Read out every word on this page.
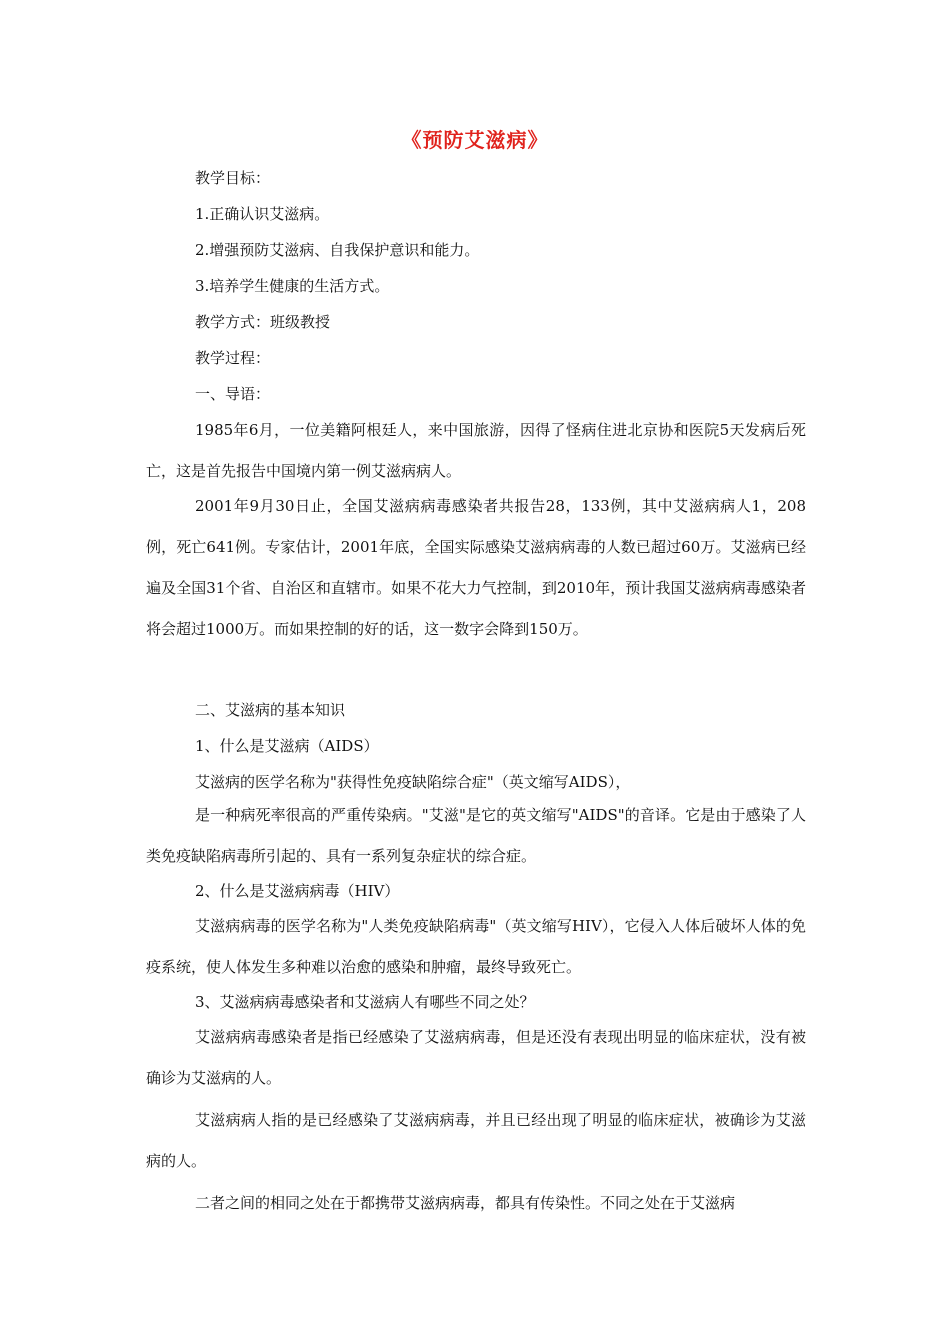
《预防艾滋病》
教学目标：
1.正确认识艾滋病。
2.增强预防艾滋病、自我保护意识和能力。
3.培养学生健康的生活方式。
教学方式：班级教授
教学过程：
一、导语：
1985年6月，一位美籍阿根廷人，来中国旅游，因得了怪病住进北京协和医院5天发病后死亡，这是首先报告中国境内第一例艾滋病病人。
2001年9月30日止，全国艾滋病病毒感染者共报告28，133例，其中艾滋病病人1，208例，死亡641例。专家估计，2001年底，全国实际感染艾滋病病毒的人数已超过60万。艾滋病已经遍及全国31个省、自治区和直辖市。如果不花大力气控制，到2010年，预计我国艾滋病病毒感染者将会超过1000万。而如果控制的好的话，这一数字会降到150万。
二、艾滋病的基本知识
1、什么是艾滋病（AIDS）
艾滋病的医学名称为"获得性免疫缺陷综合症"（英文缩写AIDS），
是一种病死率很高的严重传染病。"艾滋"是它的英文缩写"AIDS"的音译。它是由于感染了人类免疫缺陷病毒所引起的、具有一系列复杂症状的综合症。
2、什么是艾滋病病毒（HIV）
艾滋病病毒的医学名称为"人类免疫缺陷病毒"（英文缩写HIV），它侵入人体后破坏人体的免疫系统，使人体发生多种难以治愈的感染和肿瘤，最终导致死亡。
3、艾滋病病毒感染者和艾滋病人有哪些不同之处？
艾滋病病毒感染者是指已经感染了艾滋病病毒，但是还没有表现出明显的临床症状，没有被确诊为艾滋病的人。
艾滋病病人指的是已经感染了艾滋病病毒，并且已经出现了明显的临床症状，被确诊为艾滋病的人。
二者之间的相同之处在于都携带艾滋病病毒，都具有传染性。不同之处在于艾滋病
